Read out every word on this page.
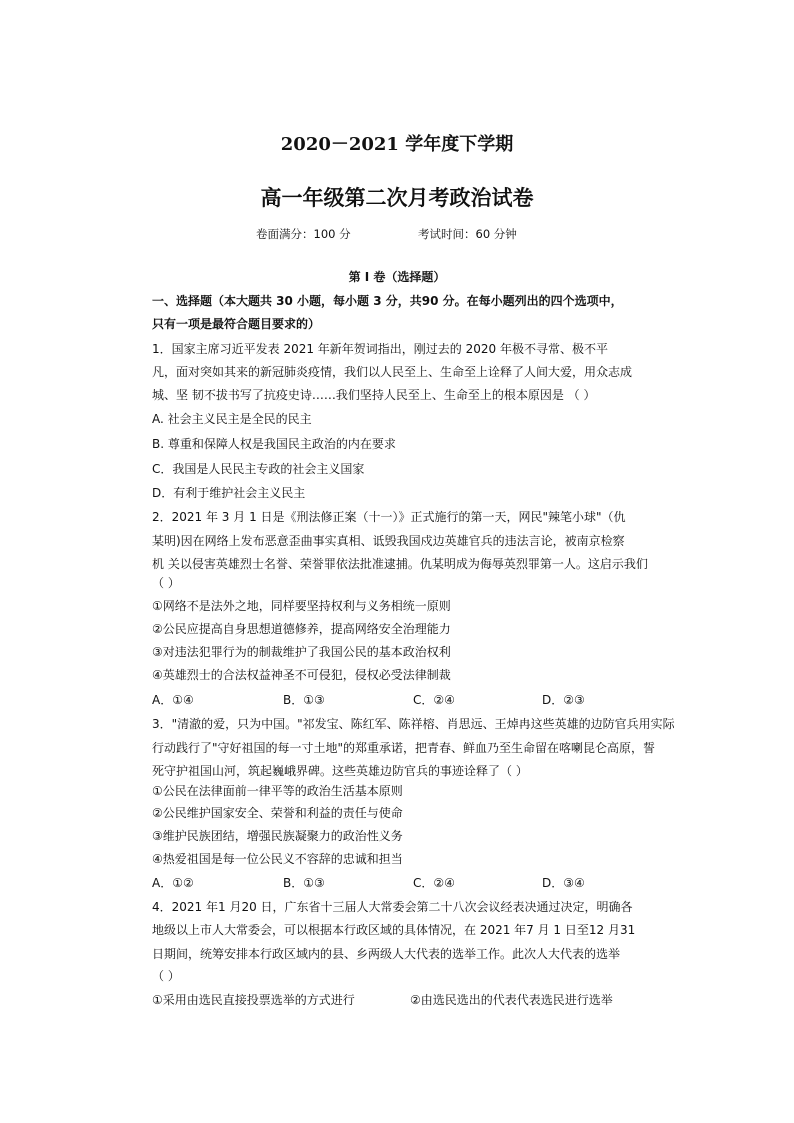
2020－2021 学年度下学期
高一年级第二次月考政治试卷
卷面满分：100 分	考试时间：60 分钟
第 I 卷（选择题）
一、选择题（本大题共 30 小题，每小题 3 分，共90 分。在每小题列出的四个选项中，
只有一项是最符合题目要求的）
1．国家主席习近平发表 2021 年新年贺词指出，刚过去的 2020 年极不寻常、极不平
凡，面对突如其来的新冠肺炎疫情，我们以人民至上、生命至上诠释了人间大爱，用众志成
城、坚 韧不拔书写了抗疫史诗……我们坚持人民至上、生命至上的根本原因是 （ ）
A. 社会主义民主是全民的民主
B. 尊重和保障人权是我国民主政治的内在要求
C．我国是人民民主专政的社会主义国家
D．有利于维护社会主义民主
2．2021 年 3 月 1 日是《刑法修正案（十一）》正式施行的第一天，网民"辣笔小球"（仇
某明)因在网络上发布恶意歪曲事实真相、诋毁我国戍边英雄官兵的违法言论，被南京检察
机 关以侵害英雄烈士名誉、荣誉罪依法批准逮捕。仇某明成为侮辱英烈罪第一人。这启示我们
（ ）
①网络不是法外之地，同样要坚持权利与义务相统一原则
②公民应提高自身思想道德修养，提高网络安全治理能力
③对违法犯罪行为的制裁维护了我国公民的基本政治权利
④英雄烈士的合法权益神圣不可侵犯，侵权必受法律制裁
A．①④	B．①③	C．②④	D．②③
3．"清澈的爱，只为中国。"祁发宝、陈红军、陈祥榕、肖思远、王焯冉这些英雄的边防官兵用实际
行动践行了"守好祖国的每一寸土地"的郑重承诺，把青春、鲜血乃至生命留在喀喇昆仑高原，誓
死守护祖国山河，筑起巍峨界碑。这些英雄边防官兵的事迹诠释了（ ）
①公民在法律面前一律平等的政治生活基本原则
②公民维护国家安全、荣誉和利益的责任与使命
③维护民族团结，增强民族凝聚力的政治性义务
④热爱祖国是每一位公民义不容辞的忠诚和担当
A．①②	B．①③	C．②④	D．③④
4．2021 年1 月20 日，广东省十三届人大常委会第二十八次会议经表决通过决定，明确各
地级以上市人大常委会，可以根据本行政区域的具体情况，在 2021 年7 月 1 日至12 月31
日期间，统筹安排本行政区域内的县、乡两级人大代表的选举工作。此次人大代表的选举
（ ）
①采用由选民直接投票选举的方式进行	②由选民选出的代表代表选民进行选举
